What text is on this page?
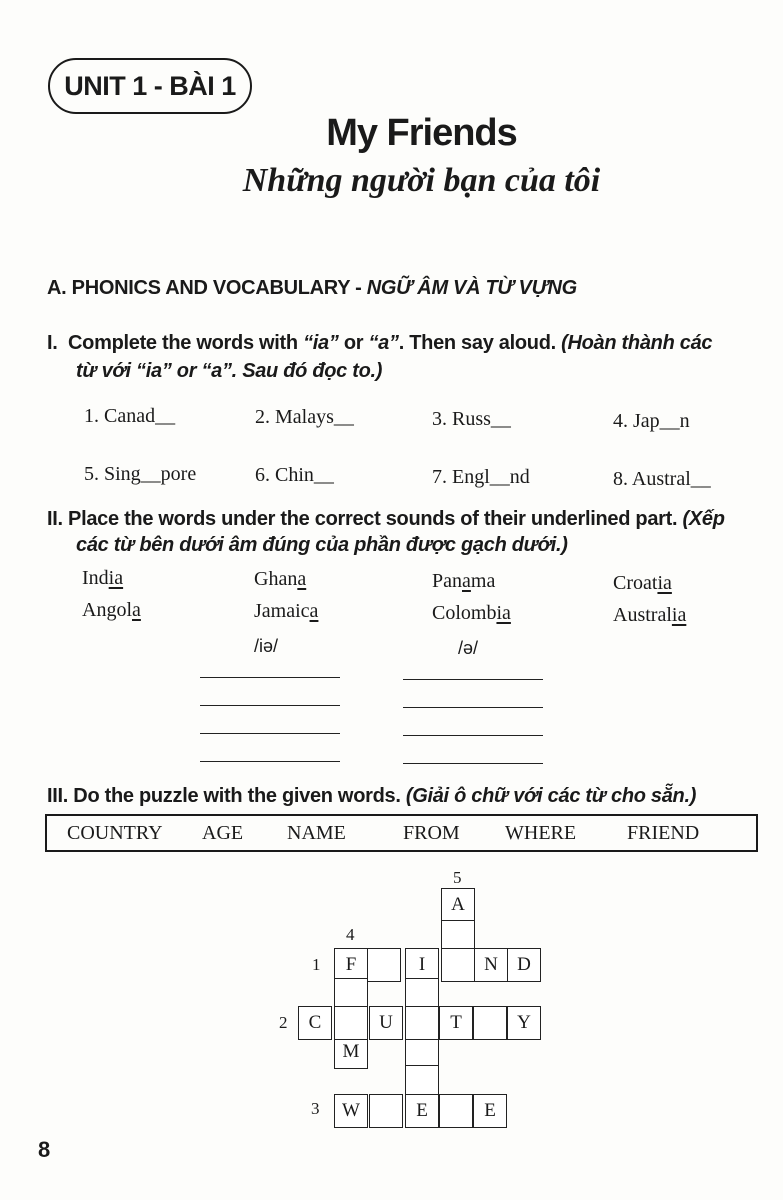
UNIT 1 - BÀI 1
My Friends
Những người bạn của tôi
A. PHONICS AND VOCABULARY - NGỮ ÂM VÀ TỪ VỰNG
I. Complete the words with “ia” or “a”. Then say aloud. (Hoàn thành các
từ với “ia” or “a”. Sau đó đọc to.)
1. Canad__	2. Malays__	3. Russ__	4. Jap__n
5. Sing__pore	6. Chin__	7. Engl__nd	8. Austral__
II. Place the words under the correct sounds of their underlined part. (Xếp
các từ bên dưới âm đúng của phần được gạch dưới.)
India	Ghana	Panama	Croatia
Angola	Jamaica	Colombia	Australia
/iə/	/ə/
III. Do the puzzle with the given words. (Giải ô chữ với các từ cho sẵn.)
COUNTRY AGE NAME	FROM WHERE	FRIEND
5
4
1
2
3
A
F	I	N	D
M
C	U	T	Y
W	E	E
8
